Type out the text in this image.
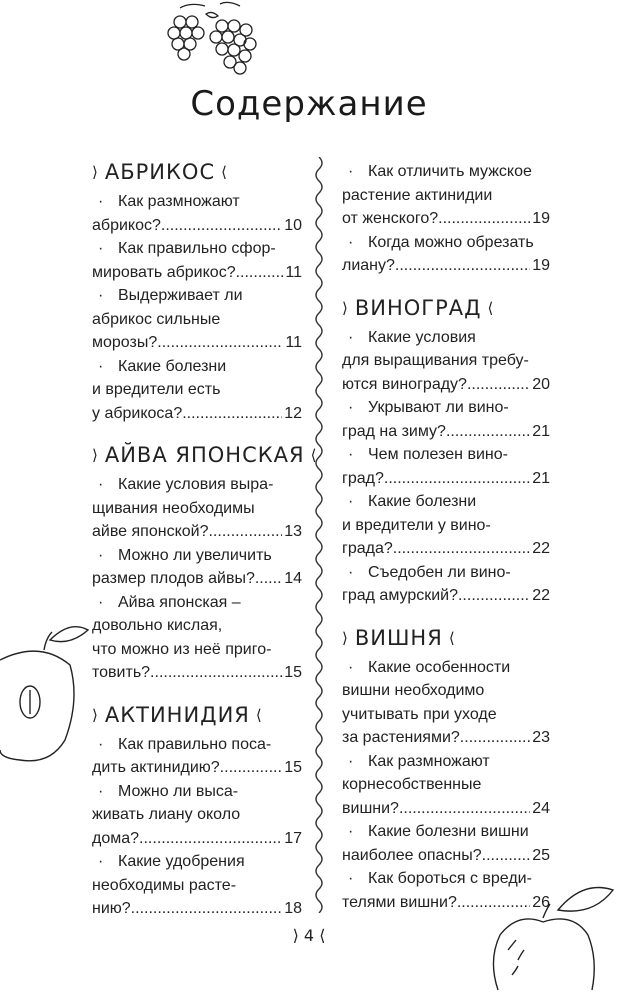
Содержание
⟩ АБРИКОС ⟨
· Как размножают
абрикос? .....	10
· Как правильно сфор-
мировать абрикос? .....	11
· Выдерживает ли
абрикос сильные
морозы? .....	11
· Какие болезни
и вредители есть
у абрикоса? .....	12
⟩ АЙВА ЯПОНСКАЯ ⟨
· Какие условия выра-
щивания необходимы
айве японской? .....	13
· Можно ли увеличить
размер плодов айвы? ..... 14
· Айва японская –
довольно кислая,
что можно из неё приго-
товить? .....	15
⟩ АКТИНИДИЯ ⟨
· Как правильно поса-
дить актинидию? .....	15
· Можно ли выса-
живать лиану около
дома? .....	17
· Какие удобрения
необходимы расте-
нию? .....	18
· Как отличить мужское
растение актинидии
от женского? .....	19
· Когда можно обрезать
лиану? .....	19
⟩ ВИНОГРАД ⟨
· Какие условия
для выращивания требу-
ются винограду? .....	20
· Укрывают ли вино-
град на зиму? .....	21
· Чем полезен вино-
град? .....	21
· Какие болезни
и вредители у вино-
града? .....	22
· Съедобен ли вино-
град амурский? .....	22
⟩ ВИШНЯ ⟨
· Какие особенности
вишни необходимо
учитывать при уходе
за растениями? .....	23
· Как размножают
корнесобственные
вишни? .....	24
· Какие болезни вишни
наиболее опасны? .....	25
· Как бороться с вреди-
телями вишни? .....	26
⟩ 4 ⟨
